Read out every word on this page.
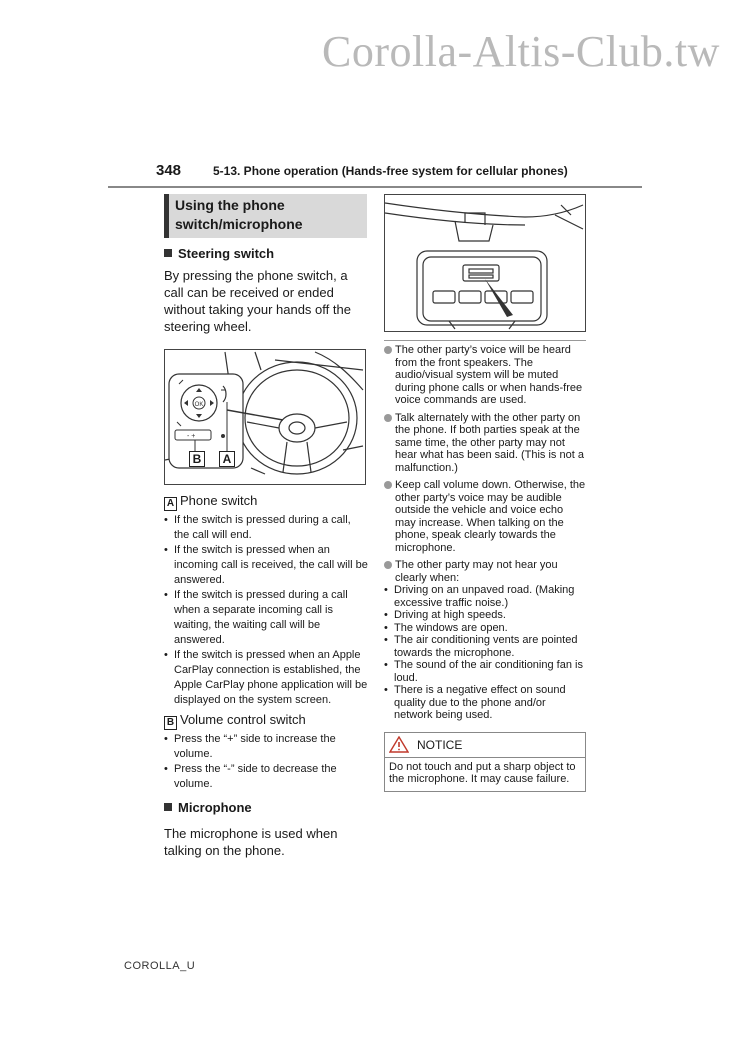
Corolla-Altis-Club.tw
348	5-13. Phone operation (Hands-free system for cellular phones)
Using the phone
switch/microphone
Steering switch
By pressing the phone switch, a call can be received or ended without taking your hands off the steering wheel.
OK
- +
B	A
A Phone switch
• If the switch is pressed during a call, the call will end.
• If the switch is pressed when an incoming call is received, the call will be answered.
• If the switch is pressed during a call when a separate incoming call is waiting, the waiting call will be answered.
• If the switch is pressed when an Apple CarPlay connection is established, the Apple CarPlay phone application will be displayed on the system screen.
B Volume control switch
• Press the “+” side to increase the volume.
• Press the “-” side to decrease the volume.
Microphone
The microphone is used when talking on the phone.
The other party’s voice will be heard from the front speakers. The audio/visual system will be muted during phone calls or when hands-free voice commands are used.
Talk alternately with the other party on the phone. If both parties speak at the same time, the other party may not hear what has been said. (This is not a malfunction.)
Keep call volume down. Otherwise, the other party’s voice may be audible outside the vehicle and voice echo may increase. When talking on the phone, speak clearly towards the microphone.
The other party may not hear you clearly when:
• Driving on an unpaved road. (Making excessive traffic noise.)
• Driving at high speeds.
• The windows are open.
• The air conditioning vents are pointed towards the microphone.
• The sound of the air conditioning fan is loud.
• There is a negative effect on sound quality due to the phone and/or network being used.
NOTICE
Do not touch and put a sharp object to the microphone. It may cause failure.
COROLLA_U
